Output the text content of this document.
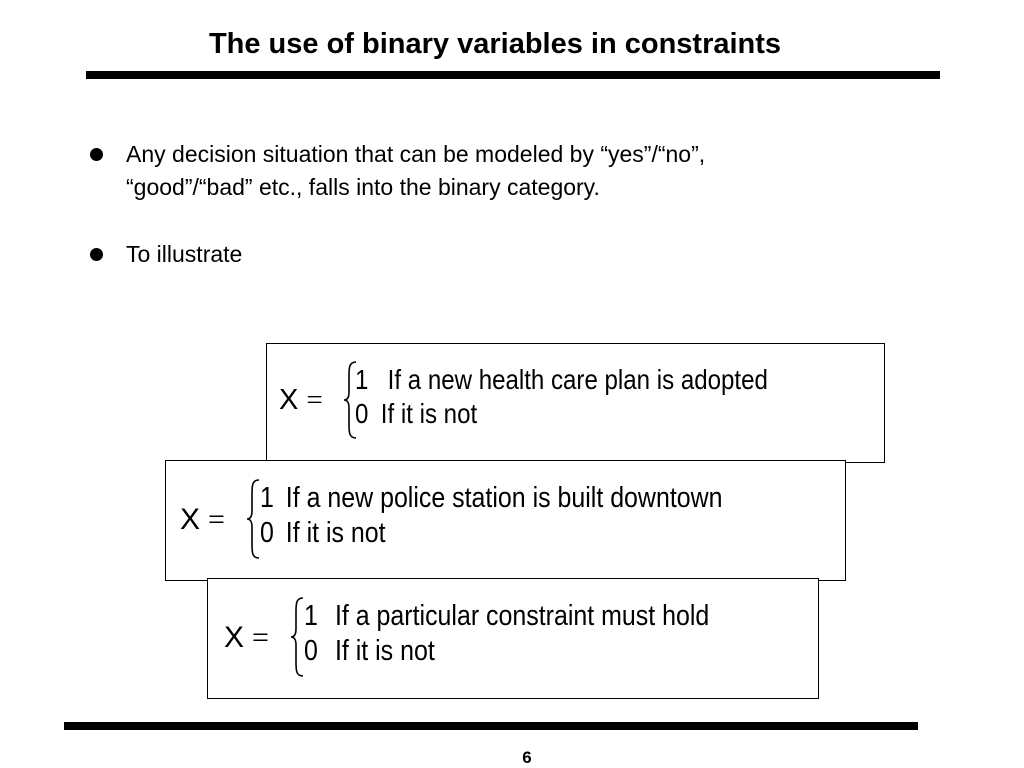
The use of binary variables in constraints
Any decision situation that can be modeled by “yes”/“no”,
“good”/“bad” etc., falls into the binary category.
To illustrate
X =
1 If a new health care plan is adopted
0 If it is not
X =
1 If a new police station is built downtown
0 If it is not
X =
1 If a particular constraint must hold
0 If it is not
6
